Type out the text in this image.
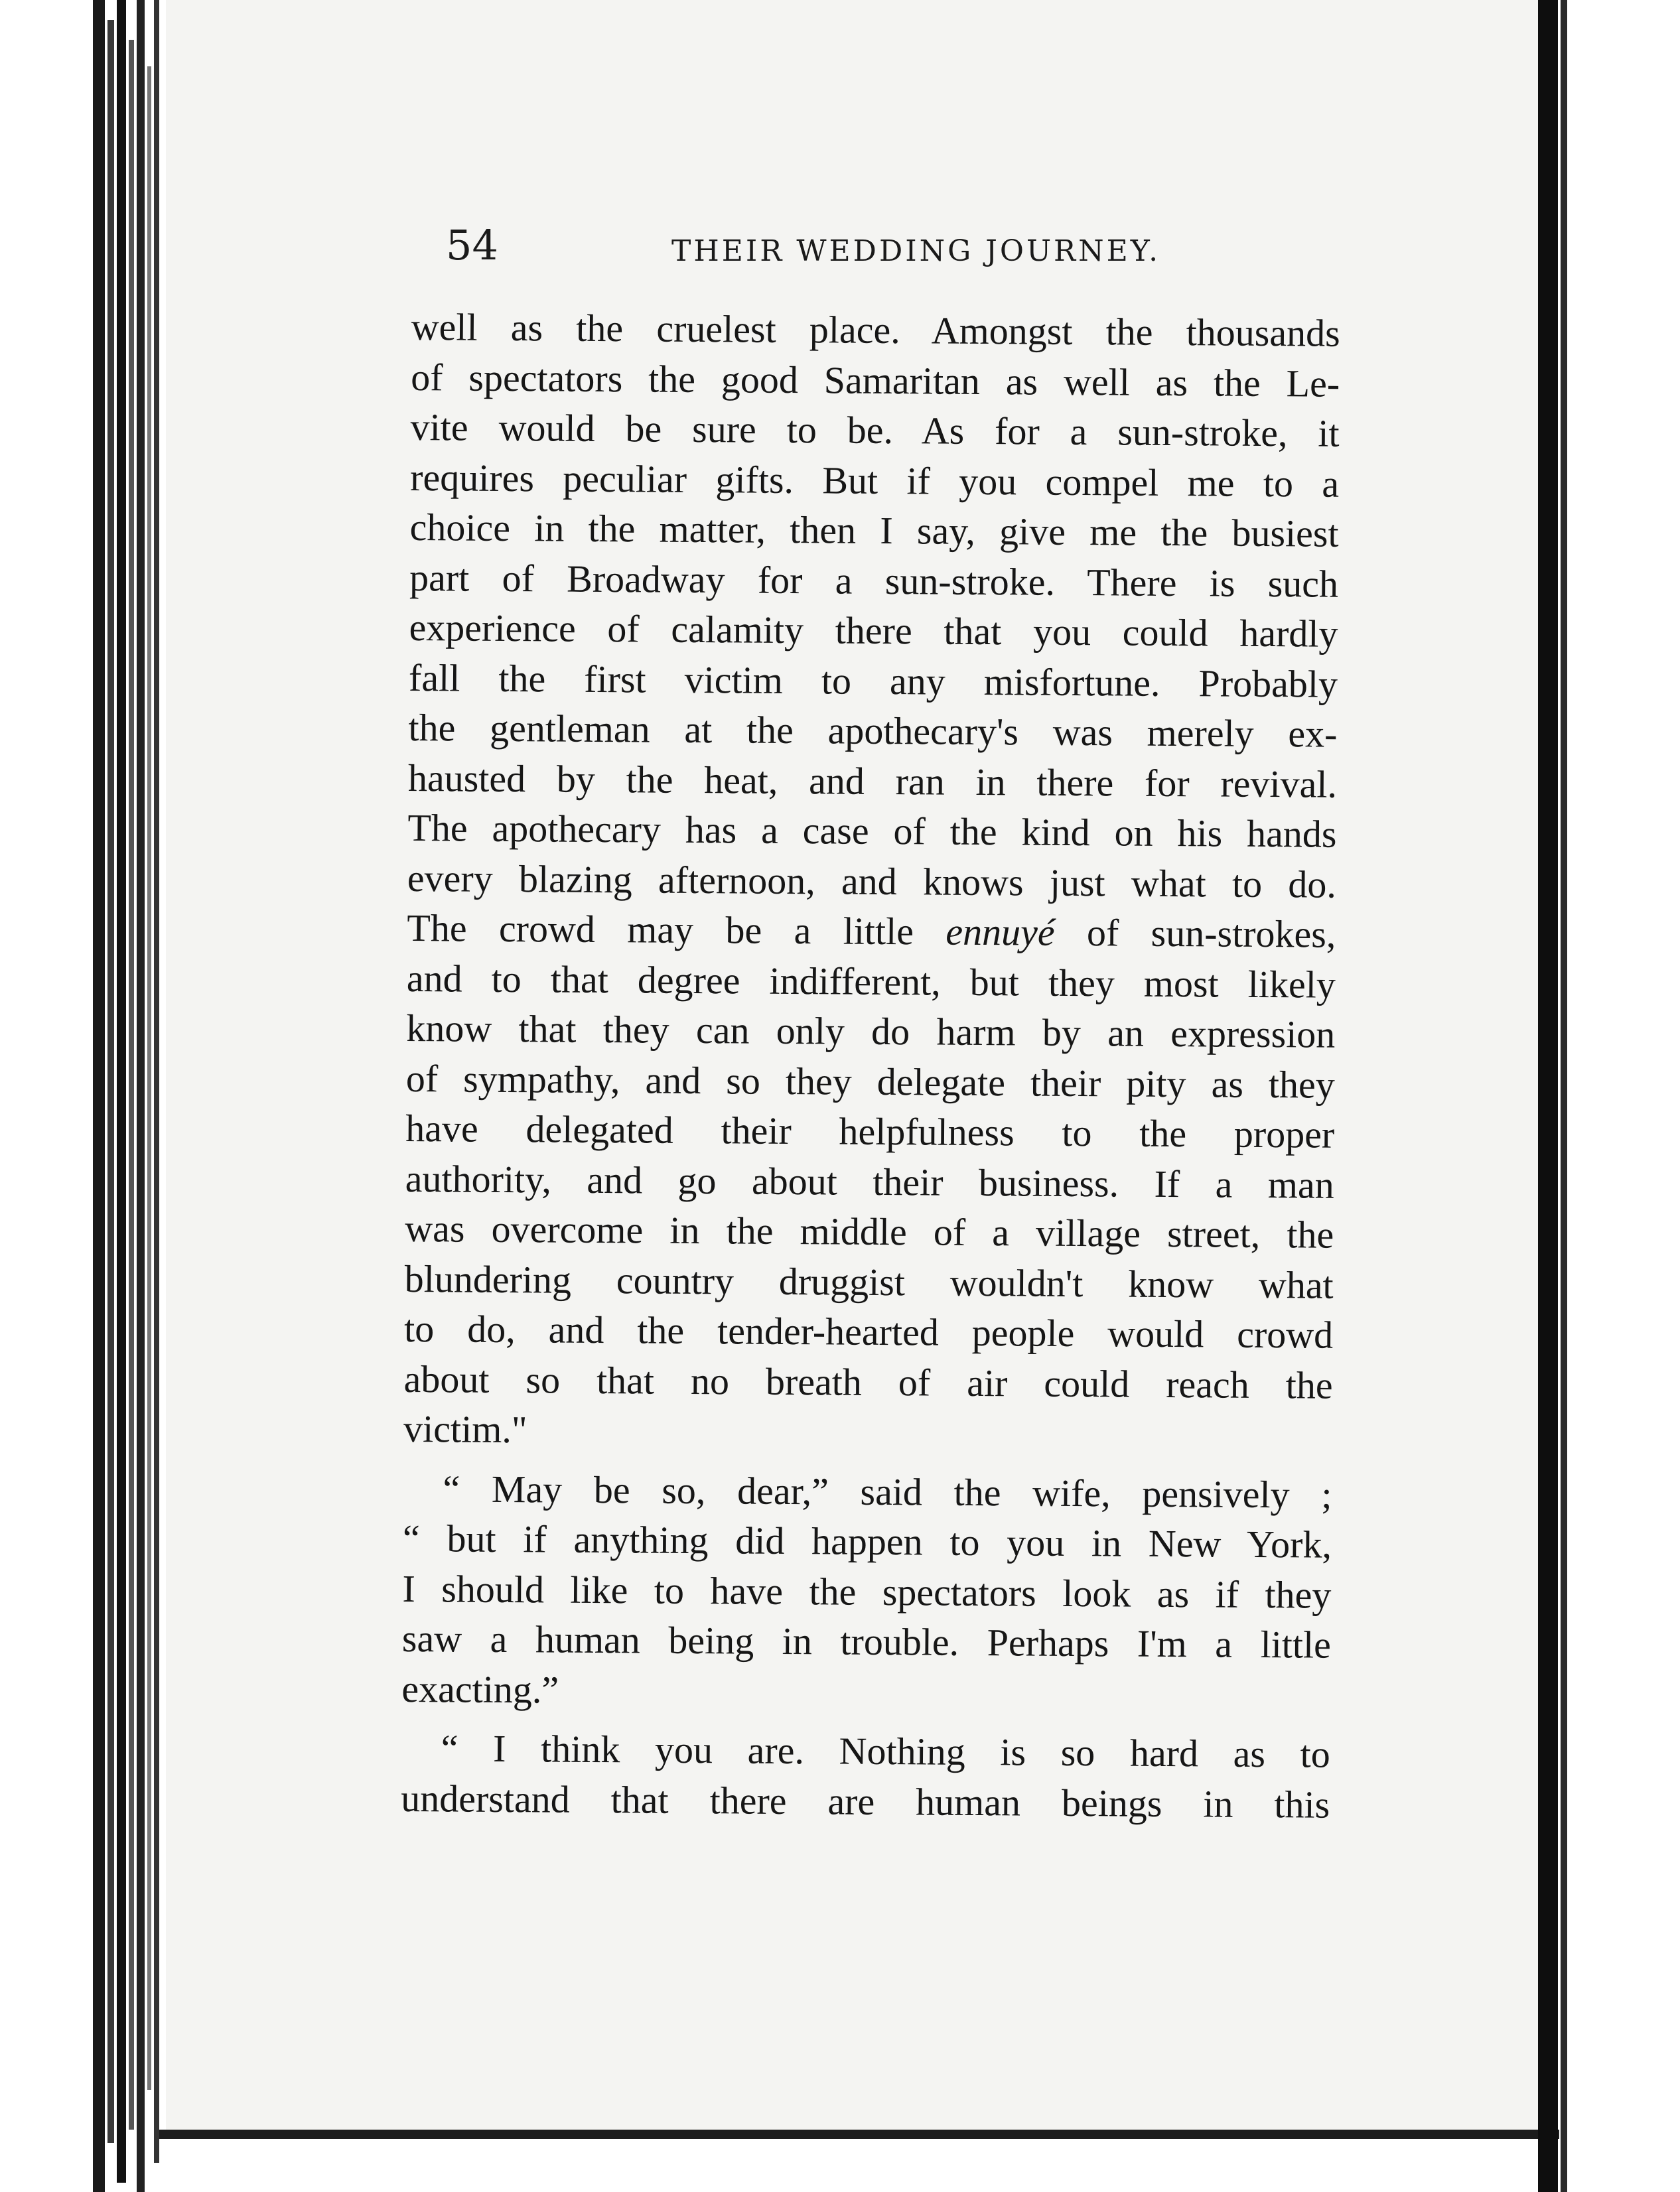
54	THEIR WEDDING JOURNEY.
well as the cruelest place. Amongst the thousands
of spectators the good Samaritan as well as the Le-
vite would be sure to be. As for a sun-stroke, it
requires peculiar gifts. But if you compel me to a
choice in the matter, then I say, give me the busiest
part of Broadway for a sun-stroke. There is such
experience of calamity there that you could hardly
fall the first victim to any misfortune. Probably
the gentleman at the apothecary's was merely ex-
hausted by the heat, and ran in there for revival.
The apothecary has a case of the kind on his hands
every blazing afternoon, and knows just what to do.
The crowd may be a little ennuyé of sun-strokes,
and to that degree indifferent, but they most likely
know that they can only do harm by an expression
of sympathy, and so they delegate their pity as they
have delegated their helpfulness to the proper
authority, and go about their business. If a man
was overcome in the middle of a village street, the
blundering country druggist wouldn't know what
to do, and the tender-hearted people would crowd
about so that no breath of air could reach the
victim."
“ May be so, dear,” said the wife, pensively ;
“ but if anything did happen to you in New York,
I should like to have the spectators look as if they
saw a human being in trouble. Perhaps I'm a little
exacting.”
“ I think you are. Nothing is so hard as to
understand that there are human beings in this
